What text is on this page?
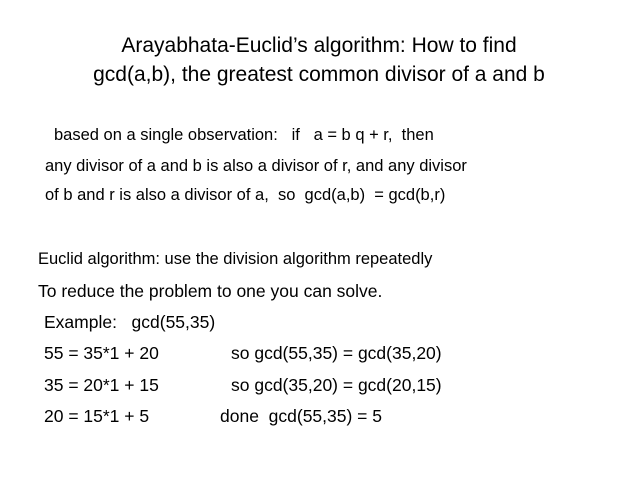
Arayabhata-Euclid’s algorithm: How to find
gcd(a,b), the greatest common divisor of a and b
based on a single observation:   if   a = b q + r,  then
any divisor of a and b is also a divisor of r, and any divisor
of b and r is also a divisor of a,  so  gcd(a,b)  = gcd(b,r)
Euclid algorithm: use the division algorithm repeatedly
To reduce the problem to one you can solve.
Example:   gcd(55,35)
55 = 35*1 + 20	so gcd(55,35) = gcd(35,20)
35 = 20*1 + 15	so gcd(35,20) = gcd(20,15)
20 = 15*1 + 5	done  gcd(55,35) = 5
